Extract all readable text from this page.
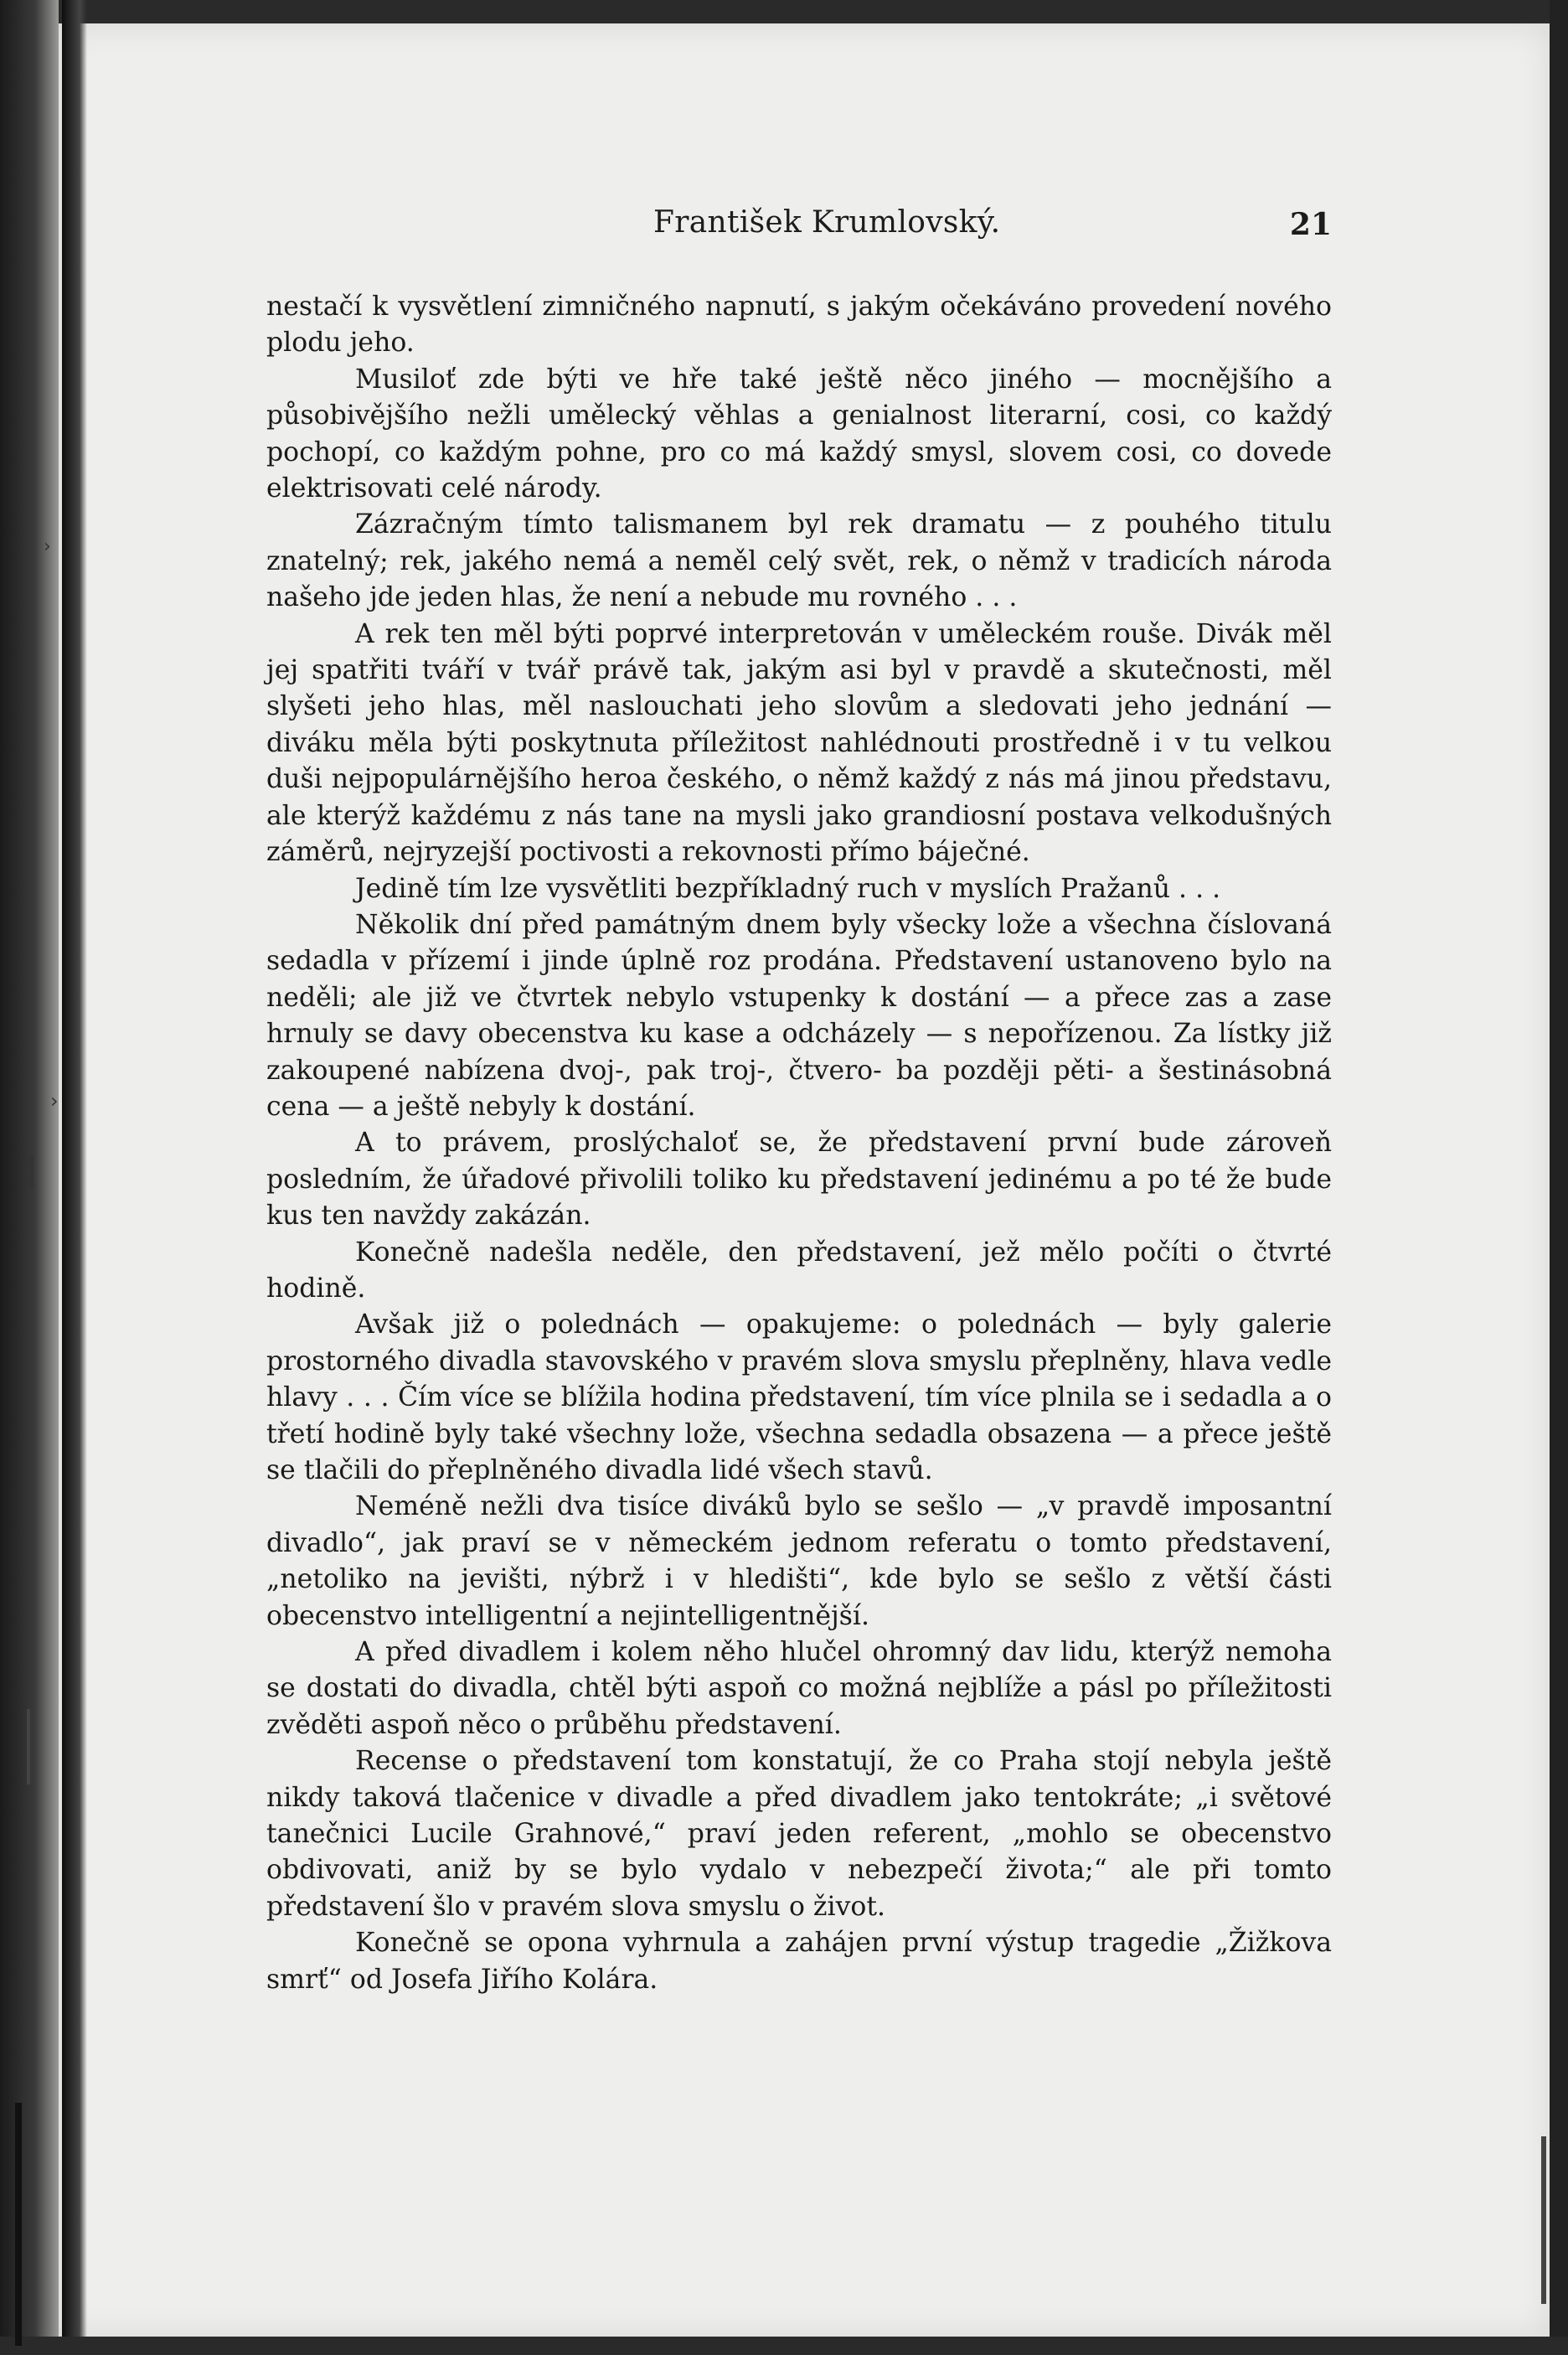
›
›
František Krumlovský.	21

nestačí k vysvětlení zimničného napnutí, s jakým očekáváno provedení nového plodu jeho.

Musiloť zde býti ve hře také ještě něco jiného — mocnějšího a působivějšího nežli umělecký věhlas a genialnost literarní, cosi, co každý pochopí, co každým pohne, pro co má každý smysl, slovem cosi, co dovede elektrisovati celé národy.

Zázračným tímto talismanem byl rek dramatu — z pouhého titulu znatelný; rek, jakého nemá a neměl celý svět, rek, o němž v tradicích národa našeho jde jeden hlas, že není a nebude mu rovného . . .

A rek ten měl býti poprvé interpretován v uměleckém rouše. Divák měl jej spatřiti tváří v tvář právě tak, jakým asi byl v pravdě a skutečnosti, měl slyšeti jeho hlas, měl naslouchati jeho slovům a sledovati jeho jednání — diváku měla býti poskytnuta příležitost nahlédnouti prostředně i v tu velkou duši nejpopulárnějšího heroa českého, o němž každý z nás má jinou představu, ale kterýž každému z nás tane na mysli jako grandiosní postava velkodušných záměrů, nejryzejší poctivosti a rekovnosti přímo báječné.

Jedině tím lze vysvětliti bezpříkladný ruch v myslích Pražanů . . .

Několik dní před památným dnem byly všecky lože a všechna číslovaná sedadla v přízemí i jinde úplně roz prodána. Představení ustanoveno bylo na neděli; ale již ve čtvrtek nebylo vstupenky k dostání — a přece zas a zase hrnuly se davy obecenstva ku kase a odcházely — s nepořízenou. Za lístky již zakoupené nabízena dvoj-, pak troj-, čtvero- ba později pěti- a šestinásobná cena — a ještě nebyly k dostání.

A to právem, proslýchaloť se, že představení první bude zároveň posledním, že úřadové přivolili toliko ku představení jedinému a po té že bude kus ten navždy zakázán.

Konečně nadešla neděle, den představení, jež mělo počíti o čtvrté hodině.

Avšak již o polednách — opakujeme: o polednách — byly galerie prostorného divadla stavovského v pravém slova smyslu přeplněny, hlava vedle hlavy . . . Čím více se blížila hodina představení, tím více plnila se i sedadla a o třetí hodině byly také všechny lože, všechna sedadla obsazena — a přece ještě se tlačili do přeplněného divadla lidé všech stavů.

Neméně nežli dva tisíce diváků bylo se sešlo — „v pravdě imposantní divadlo“, jak praví se v německém jednom referatu o tomto představení, „netoliko na jevišti, nýbrž i v hledišti“, kde bylo se sešlo z větší části obecenstvo intelligentní a nejintelligentnější.

A před divadlem i kolem něho hlučel ohromný dav lidu, kterýž nemoha se dostati do divadla, chtěl býti aspoň co možná nejblíže a pásl po příležitosti zvěděti aspoň něco o průběhu představení.

Recense o představení tom konstatují, že co Praha stojí nebyla ještě nikdy taková tlačenice v divadle a před divadlem jako tentokráte; „i světové tanečnici Lucile Grahnové,“ praví jeden referent, „mohlo se obecenstvo obdivovati, aniž by se bylo vydalo v nebezpečí života;“ ale při tomto představení šlo v pravém slova smyslu o život.

Konečně se opona vyhrnula a zahájen první výstup tragedie „Žižkova smrť“ od Josefa Jiřího Kolára.
